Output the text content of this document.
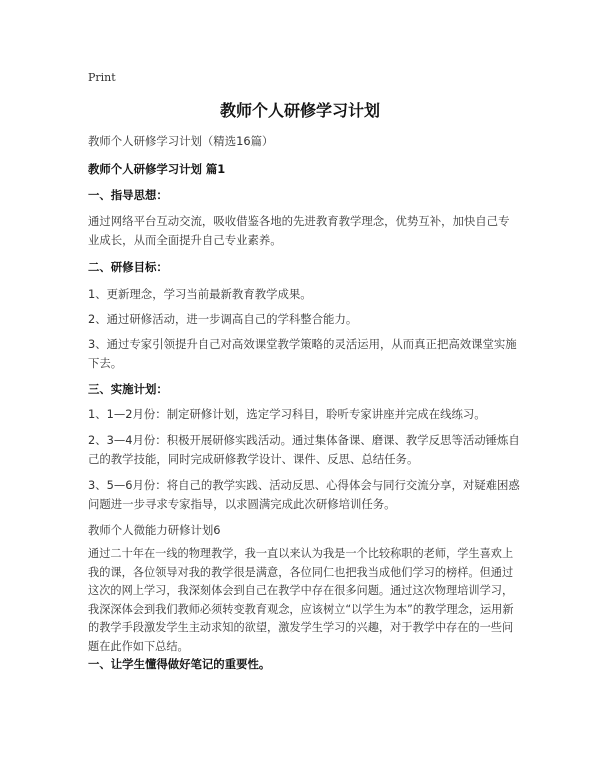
Print
教师个人研修学习计划

教师个人研修学习计划（精选16篇）

教师个人研修学习计划 篇1

一、指导思想：

通过网络平台互动交流，吸收借鉴各地的先进教育教学理念，优势互补，加快自己专业成长，从而全面提升自己专业素养。

二、研修目标：

1、更新理念，学习当前最新教育教学成果。

2、通过研修活动，进一步调高自己的学科整合能力。

3、通过专家引领提升自己对高效课堂教学策略的灵活运用，从而真正把高效课堂实施下去。

三、实施计划：

1、1—2月份：制定研修计划，选定学习科目，聆听专家讲座并完成在线练习。

2、3—4月份：积极开展研修实践活动。通过集体备课、磨课、教学反思等活动锤炼自己的教学技能，同时完成研修教学设计、课件、反思、总结任务。

3、5—6月份：将自己的教学实践、活动反思、心得体会与同行交流分享，对疑难困惑问题进一步寻求专家指导，以求圆满完成此次研修培训任务。

教师个人微能力研修计划6

通过二十年在一线的物理教学，我一直以来认为我是一个比较称职的老师，学生喜欢上我的课，各位领导对我的教学很是满意，各位同仁也把我当成他们学习的榜样。但通过这次的网上学习，我深刻体会到自己在教学中存在很多问题。通过这次物理培训学习，我深深体会到我们教师必须转变教育观念，应该树立“以学生为本”的教学理念，运用新的教学手段激发学生主动求知的欲望，激发学生学习的兴趣，对于教学中存在的一些问题在此作如下总结。

一、让学生懂得做好笔记的重要性。
